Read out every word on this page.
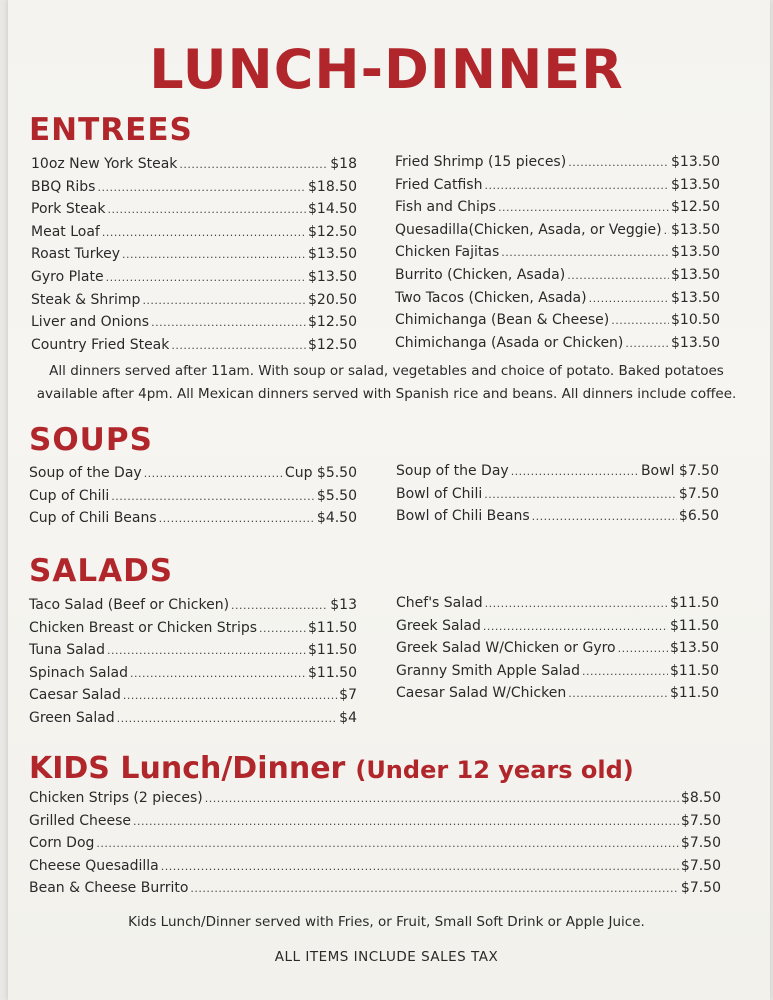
LUNCH-DINNER
ENTREES
10oz New York Steak .....	$18
BBQ Ribs .....	$18.50
Pork Steak .....	$14.50
Meat Loaf .....	$12.50
Roast Turkey .....	$13.50
Gyro Plate .....	$13.50
Steak & Shrimp .....	$20.50
Liver and Onions .....	$12.50
Country Fried Steak .....	$12.50
Fried Shrimp (15 pieces) .....	$13.50
Fried Catfish .....	$13.50
Fish and Chips .....	$12.50
Quesadilla(Chicken, Asada, or Veggie) ..... $13.50
Chicken Fajitas .....	$13.50
Burrito (Chicken, Asada) .....	$13.50
Two Tacos (Chicken, Asada) .....	$13.50
Chimichanga (Bean & Cheese) .....	$10.50
Chimichanga (Asada or Chicken) .....	$13.50
All dinners served after 11am. With soup or salad, vegetables and choice of potato. Baked potatoes
available after 4pm. All Mexican dinners served with Spanish rice and beans. All dinners include coffee.
SOUPS
Soup of the Day .....	Cup $5.50
Cup of Chili .....	$5.50
Cup of Chili Beans .....	$4.50
Soup of the Day .....	Bowl $7.50
Bowl of Chili .....	$7.50
Bowl of Chili Beans .....	$6.50
SALADS
Taco Salad (Beef or Chicken) .....	$13
Chicken Breast or Chicken Strips .....	$11.50
Tuna Salad .....	$11.50
Spinach Salad .....	$11.50
Caesar Salad .....	$7
Green Salad .....	$4
Chef's Salad .....	$11.50
Greek Salad .....	$11.50
Greek Salad W/Chicken or Gyro .....	$13.50
Granny Smith Apple Salad .....	$11.50
Caesar Salad W/Chicken .....	$11.50
KIDS Lunch/Dinner (Under 12 years old)
Chicken Strips (2 pieces) .....	$8.50
Grilled Cheese .....	$7.50
Corn Dog .....	$7.50
Cheese Quesadilla .....	$7.50
Bean & Cheese Burrito .....	$7.50
Kids Lunch/Dinner served with Fries, or Fruit, Small Soft Drink or Apple Juice.
ALL ITEMS INCLUDE SALES TAX
